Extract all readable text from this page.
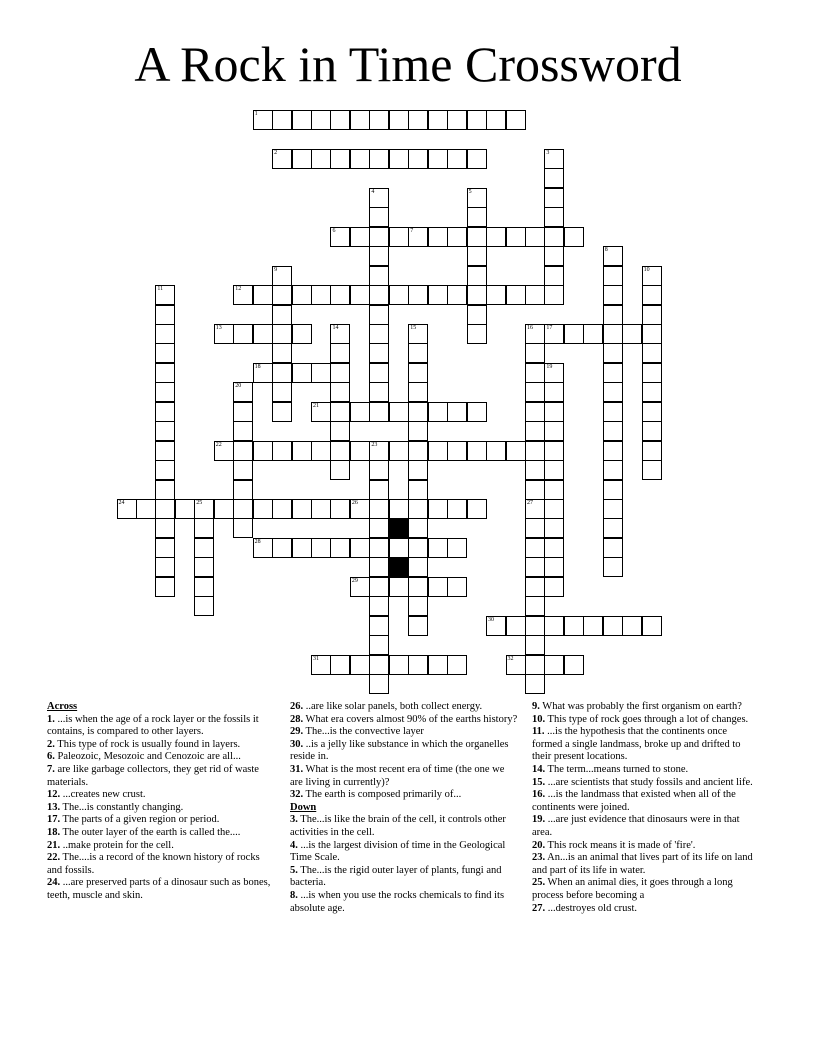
A Rock in Time Crossword
1
2
6	7
12
13	17
18
21
22	23
24	25	26
28
29
30
31	32
3
4	5
8
9	10
11
14	15	16
27
19
20
Across
1. ...is when the age of a rock layer or the fossils it contains, is compared to other layers.
2. This type of rock is usually found in layers.
6. Paleozoic, Mesozoic and Cenozoic are all...
7. are like garbage collectors, they get rid of waste materials.
12. ...creates new crust.
13. The...is constantly changing.
17. The parts of a given region or period.
18. The outer layer of the earth is called the....
21. ..make protein for the cell.
22. The....is a record of the known history of rocks and fossils.
24. ...are preserved parts of a dinosaur such as bones, teeth, muscle and skin.
26. ..are like solar panels, both collect energy.
28. What era covers almost 90% of the earths history?
29. The...is the convective layer
30. ..is a jelly like substance in which the organelles reside in.
31. What is the most recent era of time (the one we are living in currently)?
32. The earth is composed primarily of...
Down
3. The...is like the brain of the cell, it controls other activities in the cell.
4. ...is the largest division of time in the Geological Time Scale.
5. The...is the rigid outer layer of plants, fungi and bacteria.
8. ...is when you use the rocks chemicals to find its absolute age.
9. What was probably the first organism on earth?
10. This type of rock goes through a lot of changes.
11. ...is the hypothesis that the continents once formed a single landmass, broke up and drifted to their present locations.
14. The term...means turned to stone.
15. ...are scientists that study fossils and ancient life.
16. ...is the landmass that existed when all of the continents were joined.
19. ...are just evidence that dinosaurs were in that area.
20. This rock means it is made of 'fire'.
23. An...is an animal that lives part of its life on land and part of its life in water.
25. When an animal dies, it goes through a long process before becoming a
27. ...destroyes old crust.
